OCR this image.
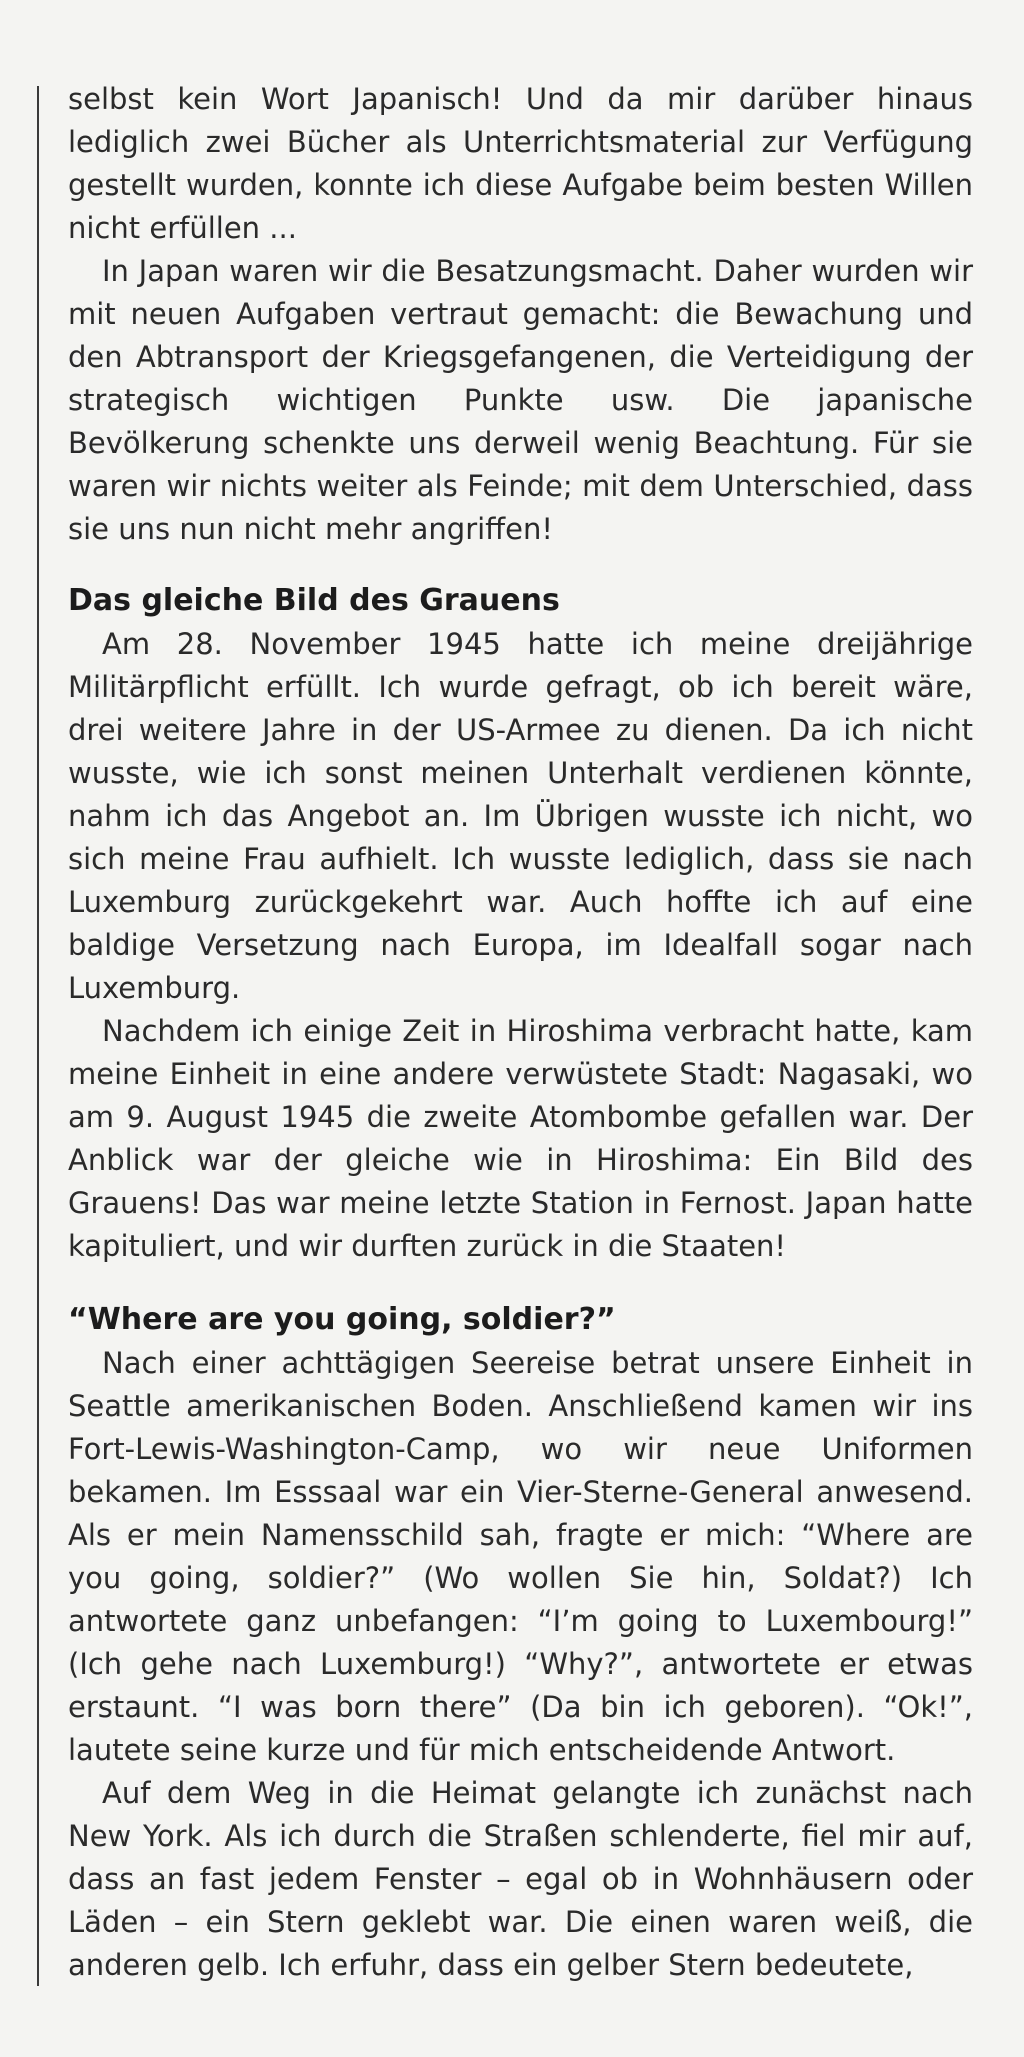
selbst kein Wort Japanisch! Und da mir darüber hinaus lediglich zwei Bücher als Unterrichtsmaterial zur Verfügung gestellt wurden, konnte ich diese Aufgabe beim besten Willen nicht erfüllen ...

In Japan waren wir die Besatzungsmacht. Daher wurden wir mit neuen Aufgaben vertraut gemacht: die Bewachung und den Abtransport der Kriegsgefangenen, die Verteidigung der strategisch wichtigen Punkte usw. Die japanische Bevölkerung schenkte uns derweil wenig Beachtung. Für sie waren wir nichts weiter als Feinde; mit dem Unterschied, dass sie uns nun nicht mehr angriffen!

Das gleiche Bild des Grauens

Am 28. November 1945 hatte ich meine dreijährige Militärpflicht erfüllt. Ich wurde gefragt, ob ich bereit wäre, drei weitere Jahre in der US-Armee zu dienen. Da ich nicht wusste, wie ich sonst meinen Unterhalt verdienen könnte, nahm ich das Angebot an. Im Übrigen wusste ich nicht, wo sich meine Frau aufhielt. Ich wusste lediglich, dass sie nach Luxemburg zurückgekehrt war. Auch hoffte ich auf eine baldige Versetzung nach Europa, im Idealfall sogar nach Luxemburg.

Nachdem ich einige Zeit in Hiroshima verbracht hatte, kam meine Einheit in eine andere verwüstete Stadt: Nagasaki, wo am 9. August 1945 die zweite Atombombe gefallen war. Der Anblick war der gleiche wie in Hiroshima: Ein Bild des Grauens! Das war meine letzte Station in Fernost. Japan hatte kapituliert, und wir durften zurück in die Staaten!

“Where are you going, soldier?”

Nach einer achttägigen Seereise betrat unsere Einheit in Seattle amerikanischen Boden. Anschließend kamen wir ins Fort-Lewis-Washington-Camp, wo wir neue Uniformen bekamen. Im Esssaal war ein Vier-Sterne-General anwesend. Als er mein Namensschild sah, fragte er mich: “Where are you going, soldier?” (Wo wollen Sie hin, Soldat?) Ich antwortete ganz unbefangen: “I’m going to Luxembourg!” (Ich gehe nach Luxemburg!) “Why?”, antwortete er etwas erstaunt. “I was born there” (Da bin ich geboren). “Ok!”, lautete seine kurze und für mich entscheidende Antwort.

Auf dem Weg in die Heimat gelangte ich zunächst nach New York. Als ich durch die Straßen schlenderte, fiel mir auf, dass an fast jedem Fenster – egal ob in Wohnhäusern oder Läden – ein Stern geklebt war. Die einen waren weiß, die anderen gelb. Ich erfuhr, dass ein gelber Stern bedeutete,
